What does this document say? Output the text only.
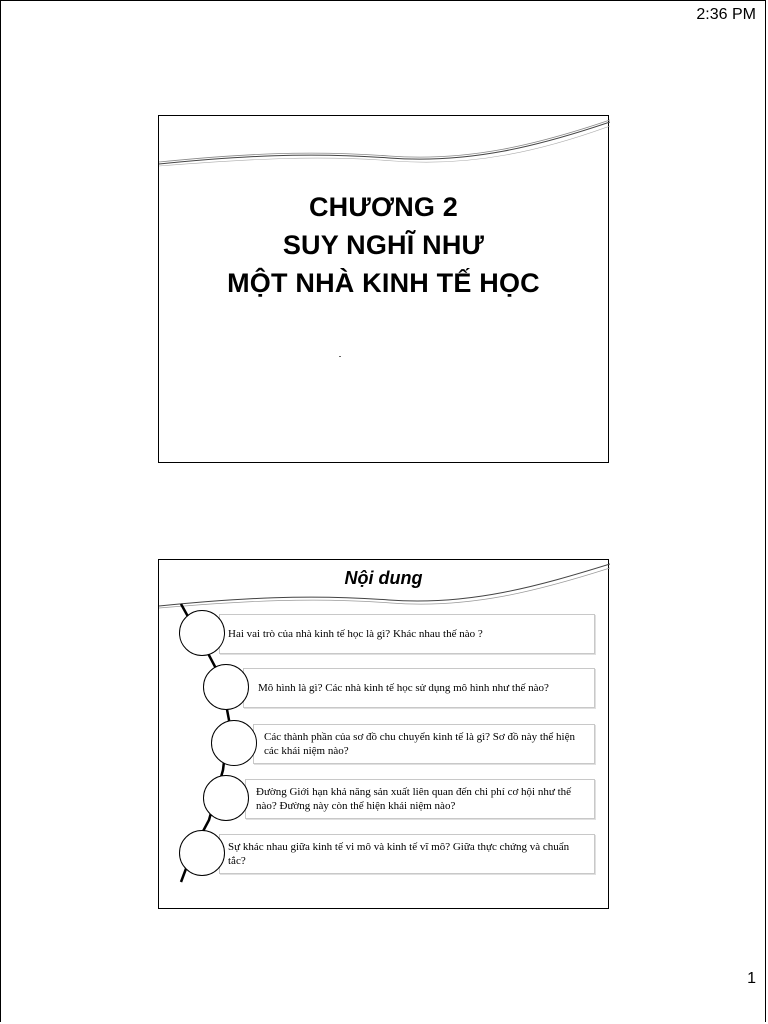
2:36 PM
CHƯƠNG 2
SUY NGHĨ NHƯ
MỘT NHÀ KINH TẾ HỌC
Nội dung
Hai vai trò của nhà kinh tế học là gì? Khác nhau thế nào ?
Mô hình là gì? Các nhà kinh tế học sử dụng mô hình như thế nào?
Các thành phần của sơ đồ chu chuyển kinh tế là gì? Sơ đồ này thể hiện các khái niệm nào?
Đường Giới hạn khả năng sản xuất liên quan đến chi phí cơ hội như thế nào? Đường này còn thể hiện khái niệm nào?
Sự khác nhau giữa kinh tế vi mô và kinh tế vĩ mô? Giữa thực chứng và chuẩn tắc?
1
